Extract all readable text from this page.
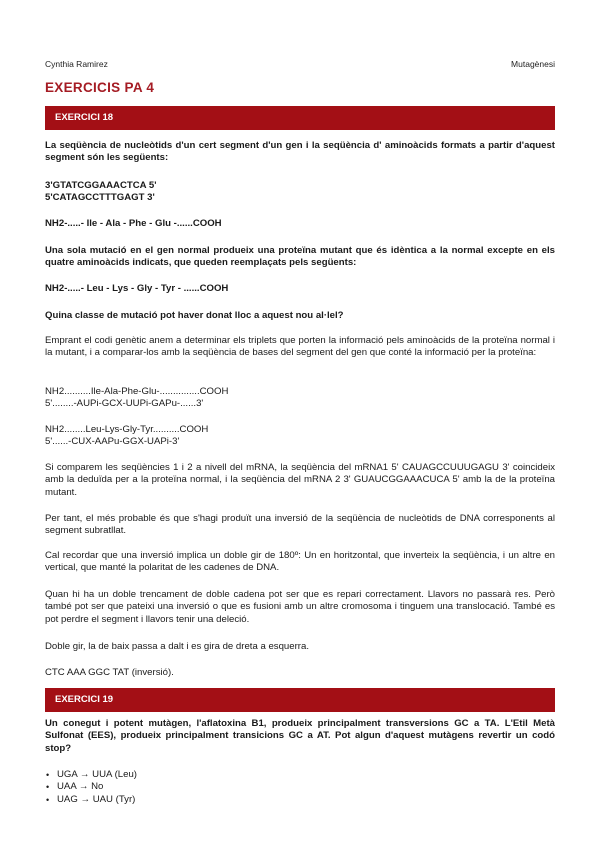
Cynthia Ramirez	Mutagènesi
EXERCICIS PA 4
EXERCICI 18
La seqüència de nucleòtids d'un cert segment d'un gen i la seqüència d' aminoàcids formats a partir d'aquest segment són les següents:
3'GTATCGGAAACTCA 5'
5'CATAGCCTTTGAGT 3'
NH2-.....- Ile - Ala - Phe - Glu -......COOH
Una sola mutació en el gen normal produeix una proteïna mutant que és idèntica a la normal excepte en els quatre aminoàcids indicats, que queden reemplaçats pels següents:
NH2-.....- Leu - Lys - Gly - Tyr - ......COOH
Quina classe de mutació pot haver donat lloc a aquest nou al·lel?
Emprant el codi genètic anem a determinar els triplets que porten la informació pels aminoàcids de la proteïna normal i la mutant, i a comparar-los amb la seqüència de bases del segment del gen que conté la informació per la proteïna:
NH2..........Ile-Ala-Phe-Glu-...............COOH
5'........-AUPi-GCX-UUPi-GAPu-......3'
NH2........Leu-Lys-Gly-Tyr..........COOH
5'......-CUX-AAPu-GGX-UAPi-3'
Si comparem les seqüències 1 i 2 a nivell del mRNA, la seqüència del mRNA1 5' CAUAGCCUUUGAGU 3' coincideix amb la deduïda per a la proteïna normal, i la seqüència del mRNA 2 3' GUAUCGGAAACUCA 5' amb la de la proteïna mutant.
Per tant, el més probable és que s'hagi produït una inversió de la seqüència de nucleòtids de DNA corresponents al segment subratllat.
Cal recordar que una inversió implica un doble gir de 180º: Un en horitzontal, que inverteix la seqüència, i un altre en vertical, que manté la polaritat de les cadenes de DNA.
Quan hi ha un doble trencament de doble cadena pot ser que es repari correctament. Llavors no passarà res. Però també pot ser que pateixi una inversió o que es fusioni amb un altre cromosoma i tinguem una translocació. També es pot perdre el segment i llavors tenir una deleció.
Doble gir, la de baix passa a dalt i es gira de dreta a esquerra.
CTC AAA GGC TAT (inversió).
EXERCICI 19
Un conegut i potent mutàgen, l'aflatoxina B1, produeix principalment transversions GC a TA. L'Etil Metà Sulfonat (EES), produeix principalment transicions GC a AT. Pot algun d'aquest mutàgens revertir un codó stop?
• UGA → UUA (Leu)
• UAA → No
• UAG → UAU (Tyr)
